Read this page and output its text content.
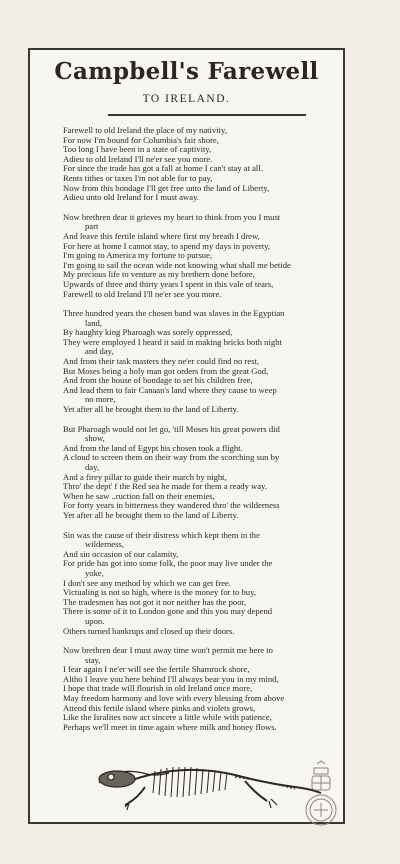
Campbell's Farewell
TO IRELAND.
Farewell to old Ireland the place of my nativity,
For now I'm bound for Columbia's fair shore,
Too long I have been in a state of captivity,
Adieu to old Ireland I'll ne'er see you more.
For since the trade has got a fall at home I can't stay at all.
Rents tithes or taxes I'm not able for to pay,
Now from this bondage I'll get free unto the land of Liberty,
Adieu unto old Ireland for I must away.
Now brethren dear it grieves my heart to think from you I must
part
And leave this fertile island where first my breath I drew,
For here at home I cannot stay, to spend my days in poverty,
I'm going to America my fortune to pursue,
I'm going to sail the ocean wide not knowing what shall me betide
My precious life to venture as my brethern done before,
Upwards of three and thirty years I spent in this vale of tears,
Farewell to old Ireland I'll ne'er see you more.
Three hundred years the chosen band was slaves in the Egyptian
land,
By haughty king Pharoagh was sorely oppressed,
They were employed I heard it said in making bricks both night
and day,
And from their task masters they ne'er could find no rest,
But Moses being a holy man got orders from the great God,
And from the house of bondage to set his children free,
And lead them to fair Canaan's land where they cause to weep
no more,
Yet after all he brought them to the land of Liberty.
But Pharoagh would not let go, 'till Moses his great powers did
show,
And from the land of Egypt his chosen took a flight.
A cloud to screen them on their way from the scorching sun by
day,
And a firey pillar to guide their march by night,
Thro' the dept' f the Red sea he made for them a ready way.
When he saw ..ruction fall on their enemies,
For forty years in bitterness they wandered thro' the wilderness
Yet after all he brought them to the land of Liberty.
Sin was the cause of their distress which kept them in the
wilderness,
And sin occasion of our calamity,
For pride has got into some folk, the poor may live under the
yoke,
I don't see any method by which we can get free.
Victualing is not so high, where is the money for to buy,
The tradesmen has not got it nor neither has the poor,
There is some of it to London gone and this you may depend
upon.
Others turned bankrups and closed up their doors.
Now brethren dear I must away time won't permit me here to
stay,
I fear again I ne'er will see the fertile Shamrock shore,
Altho I leave you here behind I'll always bear you in my mind,
I hope that trade will flourish in old Ireland once more,
May freedom harmony and love with every blessing from above
Attend this fertile island where pinks and violets grows,
Like the Isralites now act sincere a little while with patience,
Perhaps we'll meet in time again where milk and honey flows.
